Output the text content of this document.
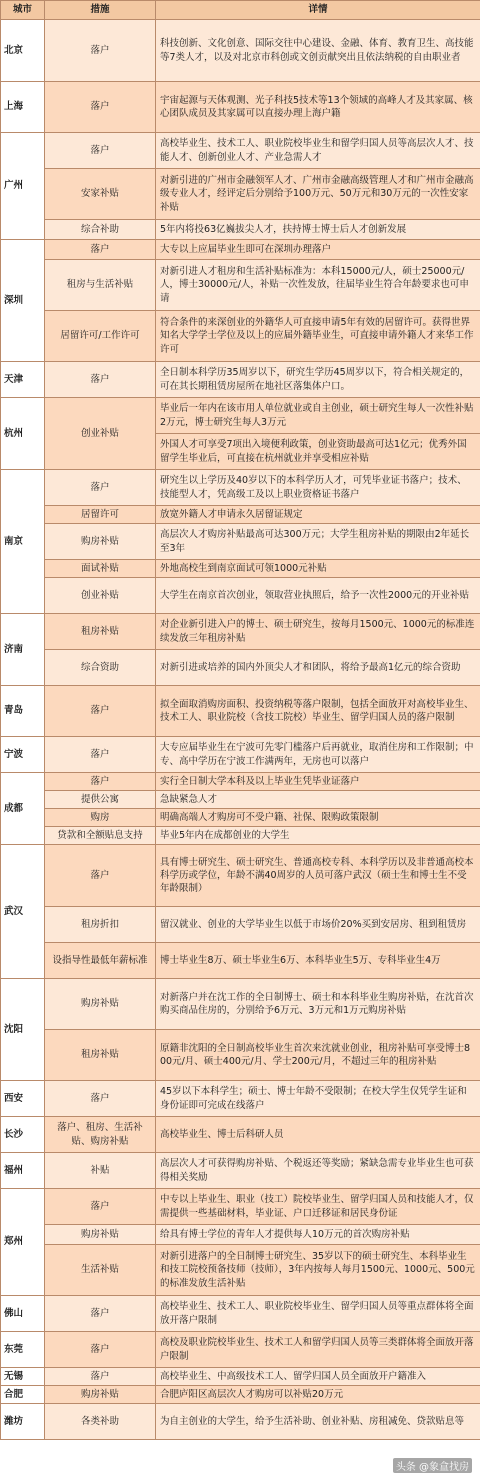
城市	措施	详情
北京	落户	科技创新、文化创意、国际交往中心建设、金融、体育、教育卫生、高技能等7类人才，以及对北京市科创或文创贡献突出且依法纳税的自由职业者
上海	落户	宇宙起源与天体观测、光子科技5技术等13个领域的高峰人才及其家属、核心团队成员及其家属可以直接办理上海户籍
广州	落户	高校毕业生、技术工人、职业院校毕业生和留学归国人员等高层次人才、技能人才、创新创业人才、产业急需人才
	安家补贴	对新引进的广州市金融领军人才、广州市金融高级管理人才和广州市金融高级专业人才，经评定后分别给予100万元、50万元和30万元的一次性安家补贴
	综合补助	5年内将投63亿巍拔尖人才，扶持博士博士后人才创新发展
深圳	落户	大专以上应届毕业生即可在深圳办理落户
	租房与生活补贴	对新引进人才租房和生活补贴标准为：本科15000元/人，硕士25000元/人，博士30000元/人，补贴一次性发放，往届毕业生符合年龄要求也可申请
	居留许可/工作许可	符合条件的来深创业的外籍华人可直接申请5年有效的居留许可。获得世界知名大学学士学位及以上的应届外籍毕业生，可直接申请外籍人才来华工作许可
天津	落户	全日制本科学历35周岁以下，研究生学历45周岁以下，符合相关规定的，可在其长期租赁房屋所在地社区落集体户口。
杭州	创业补贴	毕业后一年内在该市用人单位就业或自主创业，硕士研究生每人一次性补贴2万元，博士研究生每人3万元
		外国人才可享受7项出入境便利政策，创业资助最高可达1亿元；优秀外国留学生毕业后，可直接在杭州就业并享受相应补贴
南京	落户	研究生以上学历及40岁以下的本科学历人才，可凭毕业证书落户；技术、技能型人才，凭高级工及以上职业资格证书落户
	居留许可	放宽外籍人才申请永久居留证规定
	购房补贴	高层次人才购房补贴最高可达300万元；大学生租房补贴的期限由2年延长至3年
	面试补贴	外地高校生到南京面试可领1000元补贴
	创业补贴	大学生在南京首次创业，领取营业执照后，给予一次性2000元的开业补贴
济南	租房补贴	对企业新引进入户的博士、硕士研究生，按每月1500元、1000元的标准连续发放三年租房补贴
	综合资助	对新引进或培养的国内外顶尖人才和团队，将给予最高1亿元的综合资助
青岛	落户	拟全面取消购房面积、投资纳税等落户限制，包括全面放开对高校毕业生、技术工人、职业院校（含技工院校）毕业生、留学归国人员的落户限制
宁波	落户	大专应届毕业生在宁波可先零门槛落户后再就业，取消住房和工作限制；中专、高中学历在宁波工作满两年，无房也可以落户
成都	落户	实行全日制大学本科及以上毕业生凭毕业证落户
	提供公寓	急缺紧急人才
	购房	明确高端人才购房可不受户籍、社保、限购政策限制
	贷款和全额贴息支持	毕业5年内在成都创业的大学生
武汉	落户	具有博士研究生、硕士研究生、普通高校专科、本科学历以及非普通高校本科学历或学位，年龄不满40周岁的人员可落户武汉（硕士生和博士生不受年龄限制）
	租房折扣	留汉就业、创业的大学毕业生以低于市场价20%买到安居房、租到租赁房
	设指导性最低年薪标准	博士毕业生8万、硕士毕业生6万、本科毕业生5万、专科毕业生4万
沈阳	购房补贴	对新落户并在沈工作的全日制博士、硕士和本科毕业生购房补贴，在沈首次购买商品住房的，分别给予6万元、3万元和1万元购房补贴
	租房补贴	原籍非沈阳的全日制高校毕业生首次来沈就业创业，租房补贴可享受博士800元/月、硕士400元/月、学士200元/月，不超过三年的租房补贴
西安	落户	45岁以下本科学生；硕士、博士年龄不受限制；在校大学生仅凭学生证和身份证即可完成在线落户
长沙	落户、租房、生活补贴、购房补贴	高校毕业生、博士后科研人员
福州	补贴	高层次人才可获得购房补贴、个税返还等奖励；紧缺急需专业毕业生也可获得相关奖励
郑州	落户	中专以上毕业生、职业（技工）院校毕业生、留学归国人员和技能人才，仅需提供一些基础材料，毕业证、户口迁移证和居民身份证
	购房补贴	给具有博士学位的青年人才提供每人10万元的首次购房补贴
	生活补贴	对新引进落户的全日制博士研究生、35岁以下的硕士研究生、本科毕业生和技工院校预备技师（技师），3年内按每人每月1500元、1000元、500元的标准发放生活补贴
佛山	落户	高校毕业生、技术工人、职业院校毕业生、留学归国人员等重点群体将全面放开落户限制
东莞	落户	高校及职业院校毕业生、技术工人和留学归国人员等三类群体将全面放开落户限制
无锡	落户	高校毕业生、中高级技术工人、留学归国人员全面放开户籍准入
合肥	购房补贴	合肥庐阳区高层次人才购房可以补贴20万元
潍坊	各类补助	为自主创业的大学生，给予生活补助、创业补贴、房租减免、贷款贴息等
头条 @象盒找房
